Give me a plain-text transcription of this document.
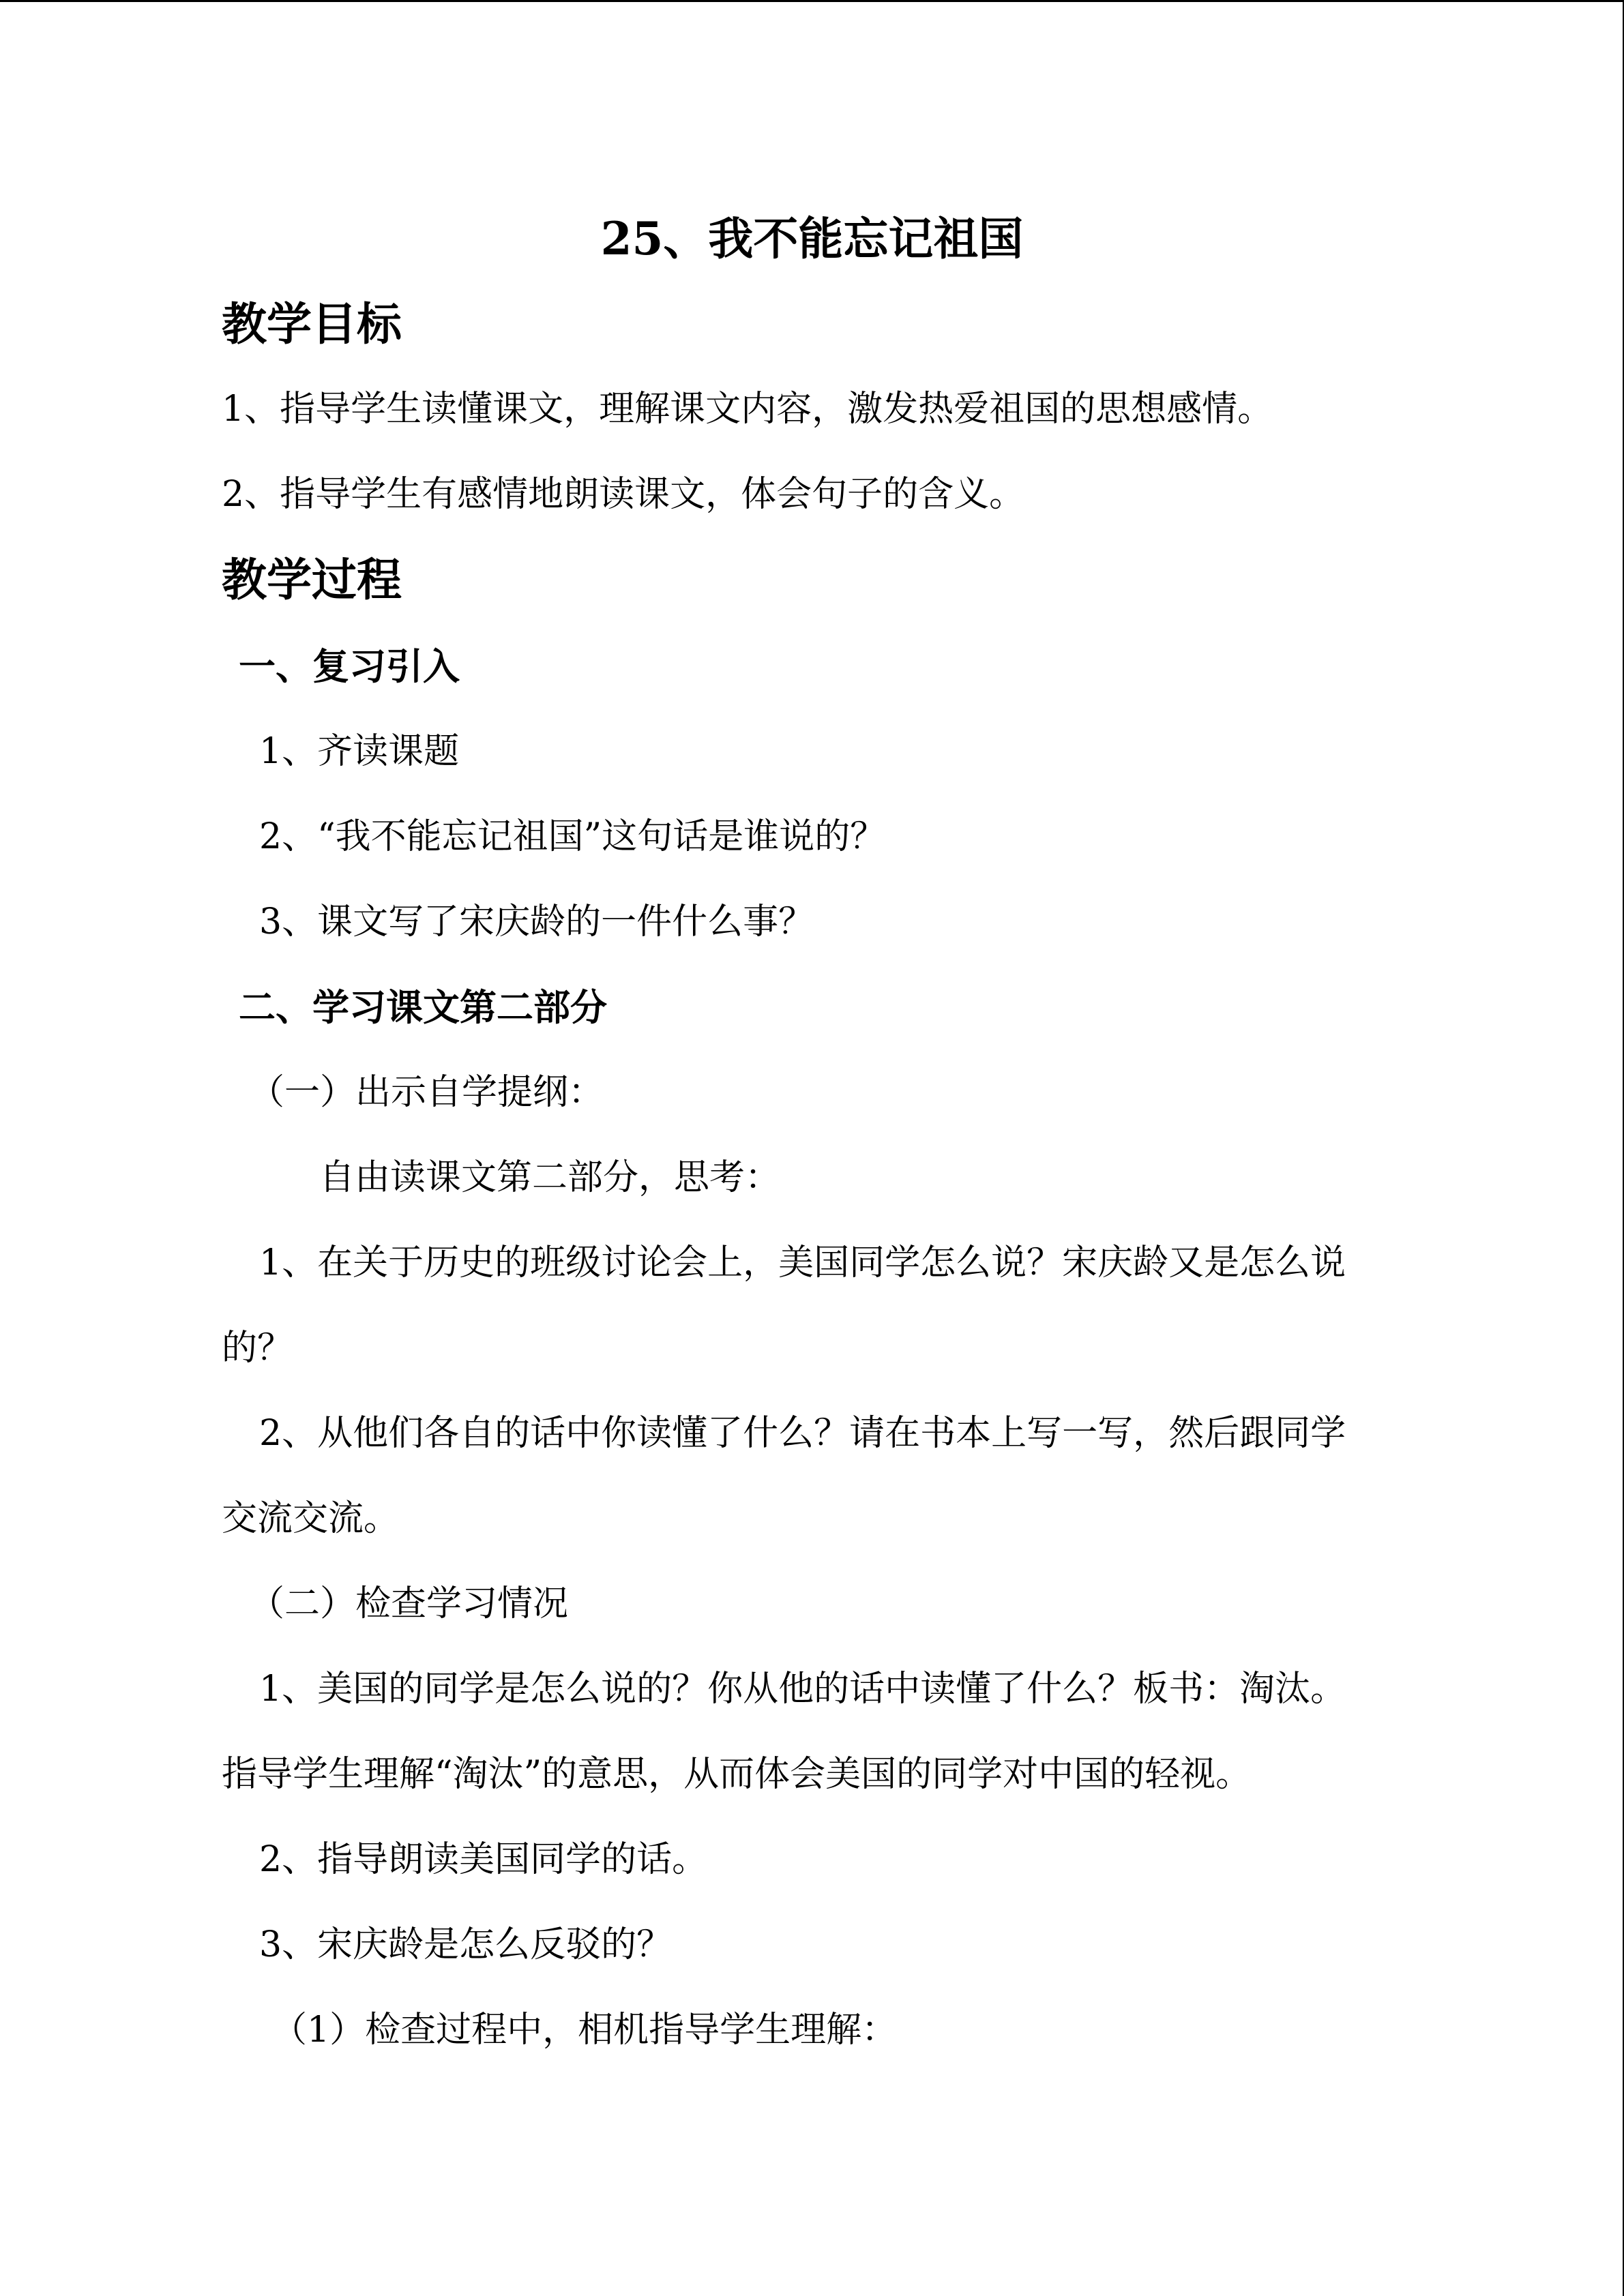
25、我不能忘记祖国
教学目标
1、指导学生读懂课文，理解课文内容，激发热爱祖国的思想感情。
2、指导学生有感情地朗读课文，体会句子的含义。
教学过程
一、复习引入
1、齐读课题
2、“我不能忘记祖国”这句话是谁说的？
3、课文写了宋庆龄的一件什么事？
二、学习课文第二部分
（一）出示自学提纲：
自由读课文第二部分，思考：
1、在关于历史的班级讨论会上，美国同学怎么说？宋庆龄又是怎么说
的？
2、从他们各自的话中你读懂了什么？请在书本上写一写，然后跟同学
交流交流。
（二）检查学习情况
1、美国的同学是怎么说的？你从他的话中读懂了什么？板书：淘汰。
指导学生理解“淘汰”的意思，从而体会美国的同学对中国的轻视。
2、指导朗读美国同学的话。
3、宋庆龄是怎么反驳的？
（1）检查过程中，相机指导学生理解：
